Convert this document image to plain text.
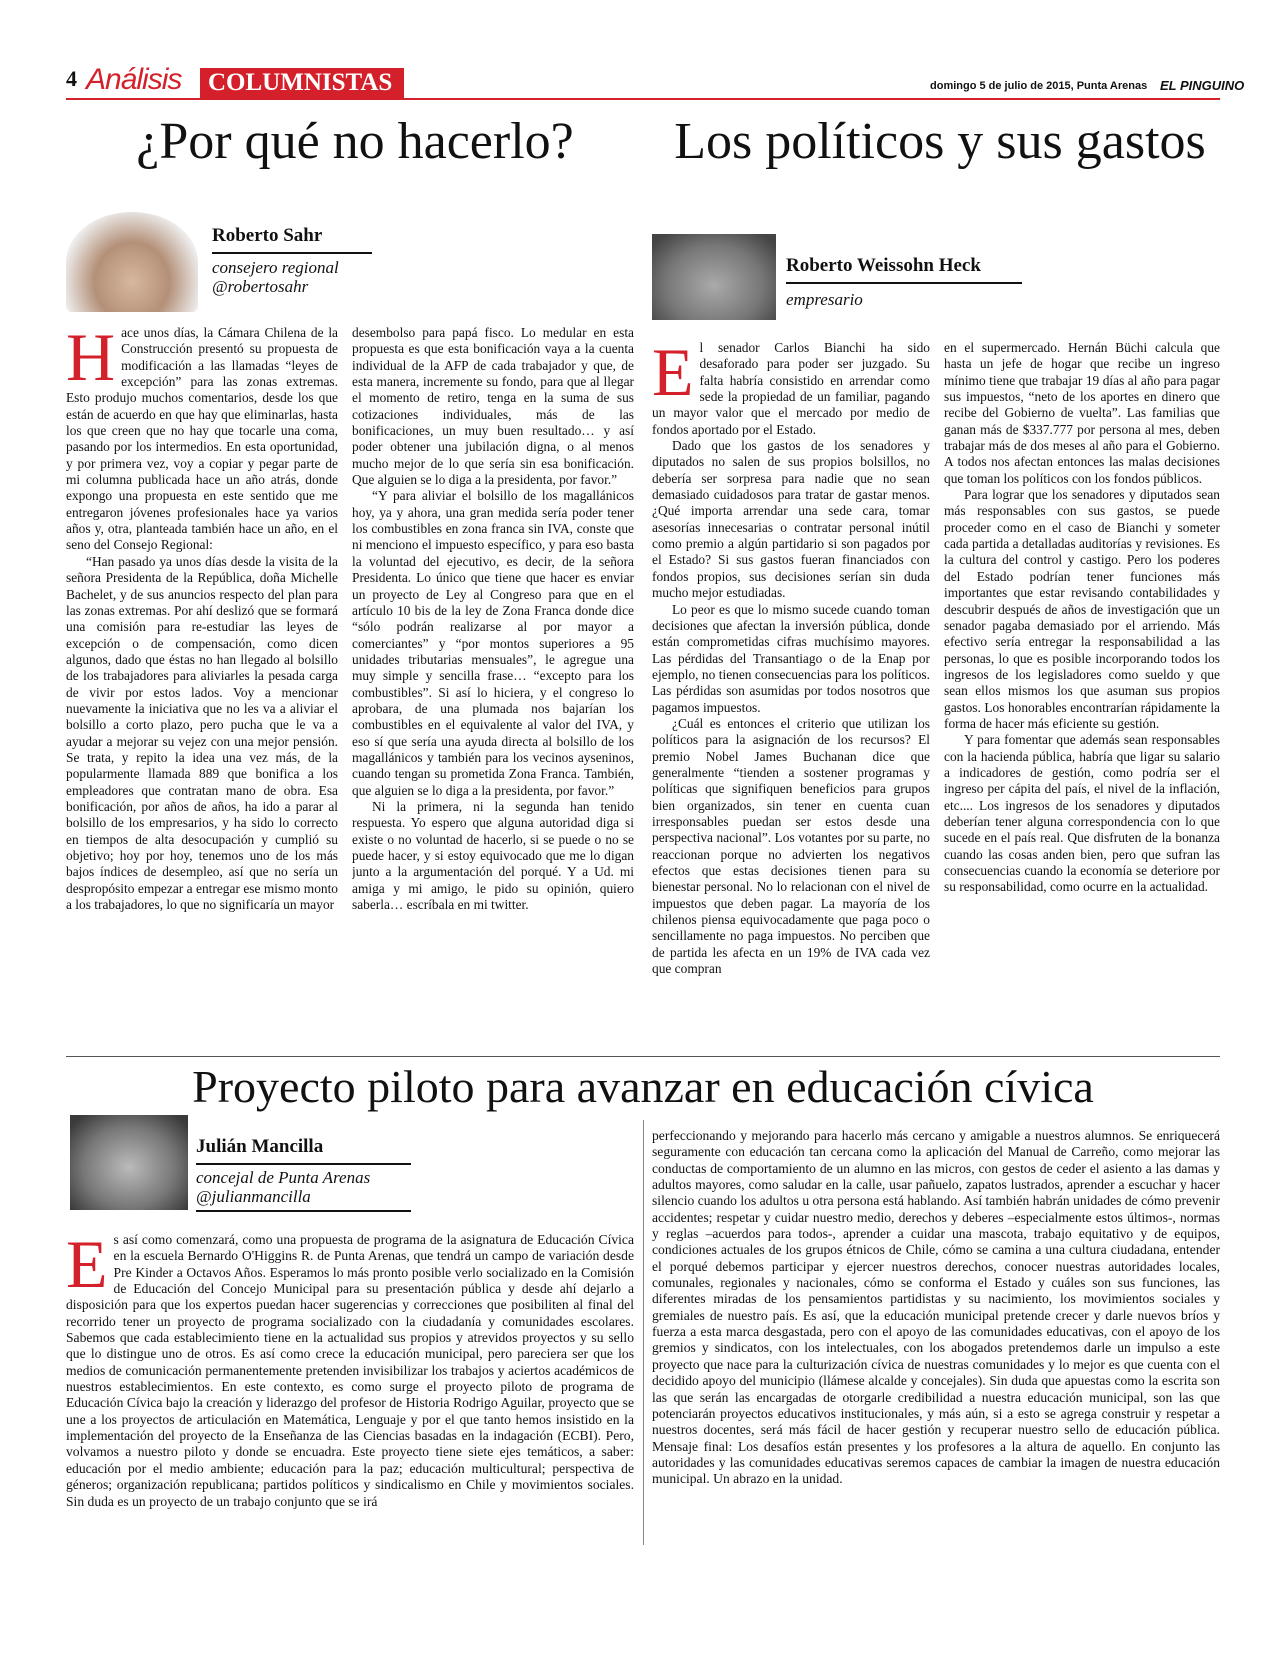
4 Análisis	COLUMNISTAS	domingo 5 de julio de 2015, Punta Arenas EL PINGUINO
¿Por qué no hacerlo?
Roberto Sahr
consejero regional
@robertosahr

Hace unos días, la Cámara Chilena de la Construcción presentó su propuesta de modificación a las llamadas “leyes de excepción” para las zonas extremas. Esto produjo muchos comentarios, desde los que están de acuerdo en que hay que eliminarlas, hasta los que creen que no hay que tocarle una coma, pasando por los intermedios. En esta oportunidad, y por primera vez, voy a copiar y pegar parte de mi columna publicada hace un año atrás, donde expongo una propuesta en este sentido que me entregaron jóvenes profesionales hace ya varios años y, otra, planteada también hace un año, en el seno del Consejo Regional:

“Han pasado ya unos días desde la visita de la señora Presidenta de la República, doña Michelle Bachelet, y de sus anuncios respecto del plan para las zonas extremas. Por ahí deslizó que se formará una comisión para re-estudiar las leyes de excepción o de compensación, como dicen algunos, dado que éstas no han llegado al bolsillo de los trabajadores para aliviarles la pesada carga de vivir por estos lados. Voy a mencionar nuevamente la iniciativa que no les va a aliviar el bolsillo a corto plazo, pero pucha que le va a ayudar a mejorar su vejez con una mejor pensión. Se trata, y repito la idea una vez más, de la popularmente llamada 889 que bonifica a los empleadores que contratan mano de obra. Esa bonificación, por años de años, ha ido a parar al bolsillo de los empresarios, y ha sido lo correcto en tiempos de alta desocupación y cumplió su objetivo; hoy por hoy, tenemos uno de los más bajos índices de desempleo, así que no sería un despropósito empezar a entregar ese mismo monto a los trabajadores, lo que no significaría un mayor

desembolso para papá fisco. Lo medular en esta propuesta es que esta bonificación vaya a la cuenta individual de la AFP de cada trabajador y que, de esta manera, incremente su fondo, para que al llegar el momento de retiro, tenga en la suma de sus cotizaciones individuales, más de las bonificaciones, un muy buen resultado… y así poder obtener una jubilación digna, o al menos mucho mejor de lo que sería sin esa bonificación. Que alguien se lo diga a la presidenta, por favor.”

“Y para aliviar el bolsillo de los magallánicos hoy, ya y ahora, una gran medida sería poder tener los combustibles en zona franca sin IVA, conste que ni menciono el impuesto específico, y para eso basta la voluntad del ejecutivo, es decir, de la señora Presidenta. Lo único que tiene que hacer es enviar un proyecto de Ley al Congreso para que en el artículo 10 bis de la ley de Zona Franca donde dice “sólo podrán realizarse al por mayor a comerciantes” y “por montos superiores a 95 unidades tributarias mensuales”, le agregue una muy simple y sencilla frase… “excepto para los combustibles”. Si así lo hiciera, y el congreso lo aprobara, de una plumada nos bajarían los combustibles en el equivalente al valor del IVA, y eso sí que sería una ayuda directa al bolsillo de los magallánicos y también para los vecinos ayseninos, cuando tengan su prometida Zona Franca. También, que alguien se lo diga a la presidenta, por favor.”

Ni la primera, ni la segunda han tenido respuesta. Yo espero que alguna autoridad diga si existe o no voluntad de hacerlo, si se puede o no se puede hacer, y si estoy equivocado que me lo digan junto a la argumentación del porqué. Y a Ud. mi amiga y mi amigo, le pido su opinión, quiero saberla… escríbala en mi twitter.

Los políticos y sus gastos
Roberto Weissohn Heck
empresario

El senador Carlos Bianchi ha sido desaforado para poder ser juzgado. Su falta habría consistido en arrendar como sede la propiedad de un familiar, pagando un mayor valor que el mercado por medio de fondos aportado por el Estado.

Dado que los gastos de los senadores y diputados no salen de sus propios bolsillos, no debería ser sorpresa para nadie que no sean demasiado cuidadosos para tratar de gastar menos. ¿Qué importa arrendar una sede cara, tomar asesorías innecesarias o contratar personal inútil como premio a algún partidario si son pagados por el Estado? Si sus gastos fueran financiados con fondos propios, sus decisiones serían sin duda mucho mejor estudiadas.

Lo peor es que lo mismo sucede cuando toman decisiones que afectan la inversión pública, donde están comprometidas cifras muchísimo mayores. Las pérdidas del Transantiago o de la Enap por ejemplo, no tienen consecuencias para los políticos. Las pérdidas son asumidas por todos nosotros que pagamos impuestos.

¿Cuál es entonces el criterio que utilizan los políticos para la asignación de los recursos? El premio Nobel James Buchanan dice que generalmente “tienden a sostener programas y políticas que signifiquen beneficios para grupos bien organizados, sin tener en cuenta cuan irresponsables puedan ser estos desde una perspectiva nacional”. Los votantes por su parte, no reaccionan porque no advierten los negativos efectos que estas decisiones tienen para su bienestar personal. No lo relacionan con el nivel de impuestos que deben pagar. La mayoría de los chilenos piensa equivocadamente que paga poco o sencillamente no paga impuestos. No perciben que de partida les afecta en un 19% de IVA cada vez que compran

en el supermercado. Hernán Büchi calcula que hasta un jefe de hogar que recibe un ingreso mínimo tiene que trabajar 19 días al año para pagar sus impuestos, “neto de los aportes en dinero que recibe del Gobierno de vuelta”. Las familias que ganan más de $337.777 por persona al mes, deben trabajar más de dos meses al año para el Gobierno. A todos nos afectan entonces las malas decisiones que toman los políticos con los fondos públicos.

Para lograr que los senadores y diputados sean más responsables con sus gastos, se puede proceder como en el caso de Bianchi y someter cada partida a detalladas auditorías y revisiones. Es la cultura del control y castigo. Pero los poderes del Estado podrían tener funciones más importantes que estar revisando contabilidades y descubrir después de años de investigación que un senador pagaba demasiado por el arriendo. Más efectivo sería entregar la responsabilidad a las personas, lo que es posible incorporando todos los ingresos de los legisladores como sueldo y que sean ellos mismos los que asuman sus propios gastos. Los honorables encontrarían rápidamente la forma de hacer más eficiente su gestión.

Y para fomentar que además sean responsables con la hacienda pública, habría que ligar su salario a indicadores de gestión, como podría ser el ingreso per cápita del país, el nivel de la inflación, etc.... Los ingresos de los senadores y diputados deberían tener alguna correspondencia con lo que sucede en el país real. Que disfruten de la bonanza cuando las cosas anden bien, pero que sufran las consecuencias cuando la economía se deteriore por su responsabilidad, como ocurre en la actualidad.

Proyecto piloto para avanzar en educación cívica
Julián Mancilla
concejal de Punta Arenas
@julianmancilla

Es así como comenzará, como una propuesta de programa de la asignatura de Educación Cívica en la escuela Bernardo O'Higgins R. de Punta Arenas, que tendrá un campo de variación desde Pre Kinder a Octavos Años. Esperamos lo más pronto posible verlo socializado en la Comisión de Educación del Concejo Municipal para su presentación pública y desde ahí dejarlo a disposición para que los expertos puedan hacer sugerencias y correcciones que posibiliten al final del recorrido tener un proyecto de programa socializado con la ciudadanía y comunidades escolares. Sabemos que cada establecimiento tiene en la actualidad sus propios y atrevidos proyectos y su sello que lo distingue uno de otros. Es así como crece la educación municipal, pero pareciera ser que los medios de comunicación permanentemente pretenden invisibilizar los trabajos y aciertos académicos de nuestros establecimientos. En este contexto, es como surge el proyecto piloto de programa de Educación Cívica bajo la creación y liderazgo del profesor de Historia Rodrigo Aguilar, proyecto que se une a los proyectos de articulación en Matemática, Lenguaje y por el que tanto hemos insistido en la implementación del proyecto de la Enseñanza de las Ciencias basadas en la indagación (ECBI). Pero, volvamos a nuestro piloto y donde se encuadra. Este proyecto tiene siete ejes temáticos, a saber: educación por el medio ambiente; educación para la paz; educación multicultural; perspectiva de géneros; organización republicana; partidos políticos y sindicalismo en Chile y movimientos sociales. Sin duda es un proyecto de un trabajo conjunto que se irá

perfeccionando y mejorando para hacerlo más cercano y amigable a nuestros alumnos. Se enriquecerá seguramente con educación tan cercana como la aplicación del Manual de Carreño, como mejorar las conductas de comportamiento de un alumno en las micros, con gestos de ceder el asiento a las damas y adultos mayores, como saludar en la calle, usar pañuelo, zapatos lustrados, aprender a escuchar y hacer silencio cuando los adultos u otra persona está hablando. Así también habrán unidades de cómo prevenir accidentes; respetar y cuidar nuestro medio, derechos y deberes –especialmente estos últimos-, normas y reglas –acuerdos para todos-, aprender a cuidar una mascota, trabajo equitativo y de equipos, condiciones actuales de los grupos étnicos de Chile, cómo se camina a una cultura ciudadana, entender el porqué debemos participar y ejercer nuestros derechos, conocer nuestras autoridades locales, comunales, regionales y nacionales, cómo se conforma el Estado y cuáles son sus funciones, las diferentes miradas de los pensamientos partidistas y su nacimiento, los movimientos sociales y gremiales de nuestro país. Es así, que la educación municipal pretende crecer y darle nuevos bríos y fuerza a esta marca desgastada, pero con el apoyo de las comunidades educativas, con el apoyo de los gremios y sindicatos, con los intelectuales, con los abogados pretendemos darle un impulso a este proyecto que nace para la culturización cívica de nuestras comunidades y lo mejor es que cuenta con el decidido apoyo del municipio (llámese alcalde y concejales). Sin duda que apuestas como la escrita son las que serán las encargadas de otorgarle credibilidad a nuestra educación municipal, son las que potenciarán proyectos educativos institucionales, y más aún, si a esto se agrega construir y respetar a nuestros docentes, será más fácil de hacer gestión y recuperar nuestro sello de educación pública. Mensaje final: Los desafíos están presentes y los profesores a la altura de aquello. En conjunto las autoridades y las comunidades educativas seremos capaces de cambiar la imagen de nuestra educación municipal. Un abrazo en la unidad.
